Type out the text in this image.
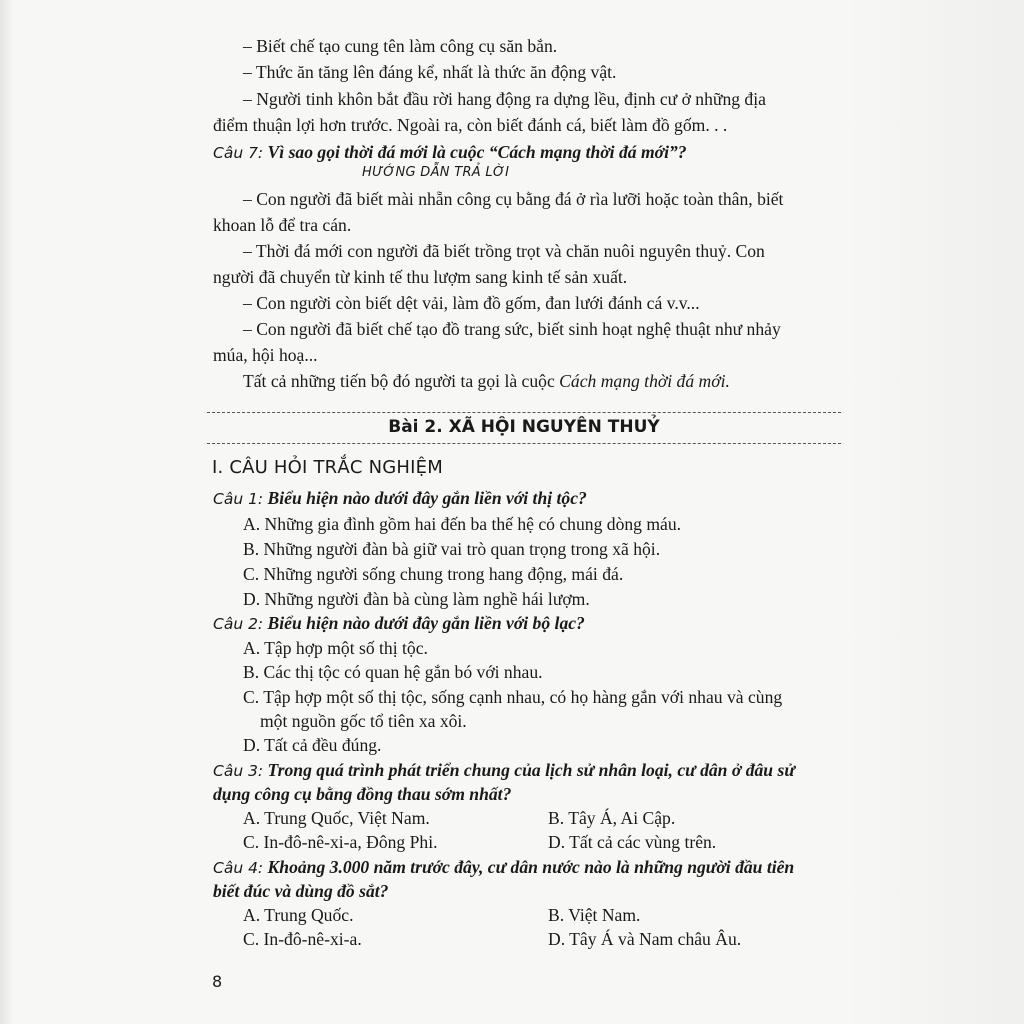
– Biết chế tạo cung tên làm công cụ săn bắn.
– Thức ăn tăng lên đáng kể, nhất là thức ăn động vật.
– Người tinh khôn bắt đầu rời hang động ra dựng lều, định cư ở những địa
điểm thuận lợi hơn trước. Ngoài ra, còn biết đánh cá, biết làm đồ gốm. . .
Câu 7: Vì sao gọi thời đá mới là cuộc “Cách mạng thời đá mới”?
HƯỚNG DẪN TRẢ LỜI
– Con người đã biết mài nhẵn công cụ bằng đá ở rìa lưỡi hoặc toàn thân, biết
khoan lỗ để tra cán.
– Thời đá mới con người đã biết trồng trọt và chăn nuôi nguyên thuỷ. Con
người đã chuyển từ kinh tế thu lượm sang kinh tế sản xuất.
– Con người còn biết dệt vải, làm đồ gốm, đan lưới đánh cá v.v...
– Con người đã biết chế tạo đồ trang sức, biết sinh hoạt nghệ thuật như nhảy
múa, hội hoạ...
Tất cả những tiến bộ đó người ta gọi là cuộc Cách mạng thời đá mới.
Bài 2. XÃ HỘI NGUYÊN THUỶ
I. CÂU HỎI TRẮC NGHIỆM
Câu 1: Biểu hiện nào dưới đây gắn liền với thị tộc?
A. Những gia đình gồm hai đến ba thế hệ có chung dòng máu.
B. Những người đàn bà giữ vai trò quan trọng trong xã hội.
C. Những người sống chung trong hang động, mái đá.
D. Những người đàn bà cùng làm nghề hái lượm.
Câu 2: Biểu hiện nào dưới đây gắn liền với bộ lạc?
A. Tập hợp một số thị tộc.
B. Các thị tộc có quan hệ gắn bó với nhau.
C. Tập hợp một số thị tộc, sống cạnh nhau, có họ hàng gắn với nhau và cùng
một nguồn gốc tổ tiên xa xôi.
D. Tất cả đều đúng.
Câu 3: Trong quá trình phát triển chung của lịch sử nhân loại, cư dân ở đâu sử
dụng công cụ bằng đồng thau sớm nhất?
A. Trung Quốc, Việt Nam.	B. Tây Á, Ai Cập.
C. In-đô-nê-xi-a, Đông Phi.	D. Tất cả các vùng trên.
Câu 4: Khoảng 3.000 năm trước đây, cư dân nước nào là những người đầu tiên
biết đúc và dùng đồ sắt?
A. Trung Quốc.	B. Việt Nam.
C. In-đô-nê-xi-a.	D. Tây Á và Nam châu Âu.
8
